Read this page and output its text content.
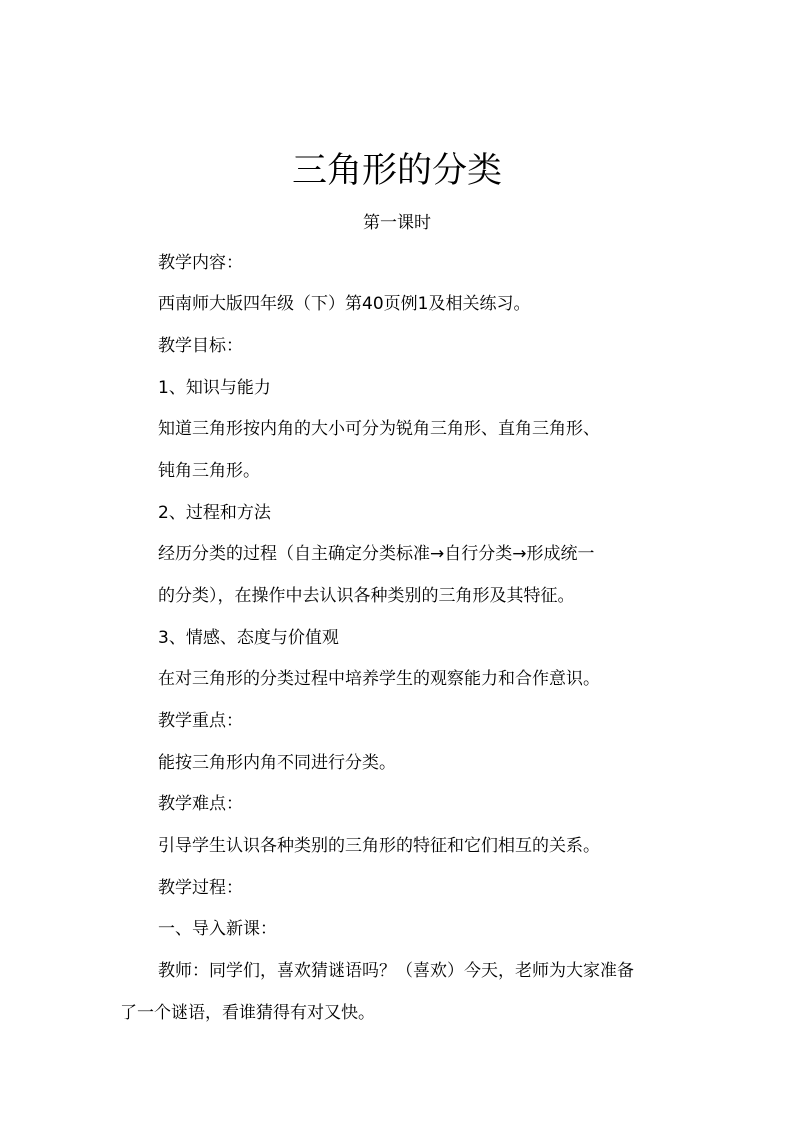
三角形的分类
第一课时
教学内容：
西南师大版四年级（下）第40页例1及相关练习。
教学目标：
1、知识与能力
知道三角形按内角的大小可分为锐角三角形、直角三角形、
钝角三角形。
2、过程和方法
经历分类的过程（自主确定分类标准→自行分类→形成统一
的分类），在操作中去认识各种类别的三角形及其特征。
3、情感、态度与价值观
在对三角形的分类过程中培养学生的观察能力和合作意识。
教学重点：
能按三角形内角不同进行分类。
教学难点：
引导学生认识各种类别的三角形的特征和它们相互的关系。
教学过程：
一、导入新课：
教师：同学们，喜欢猜谜语吗？（喜欢）今天，老师为大家准备
了一个谜语，看谁猜得有对又快。
